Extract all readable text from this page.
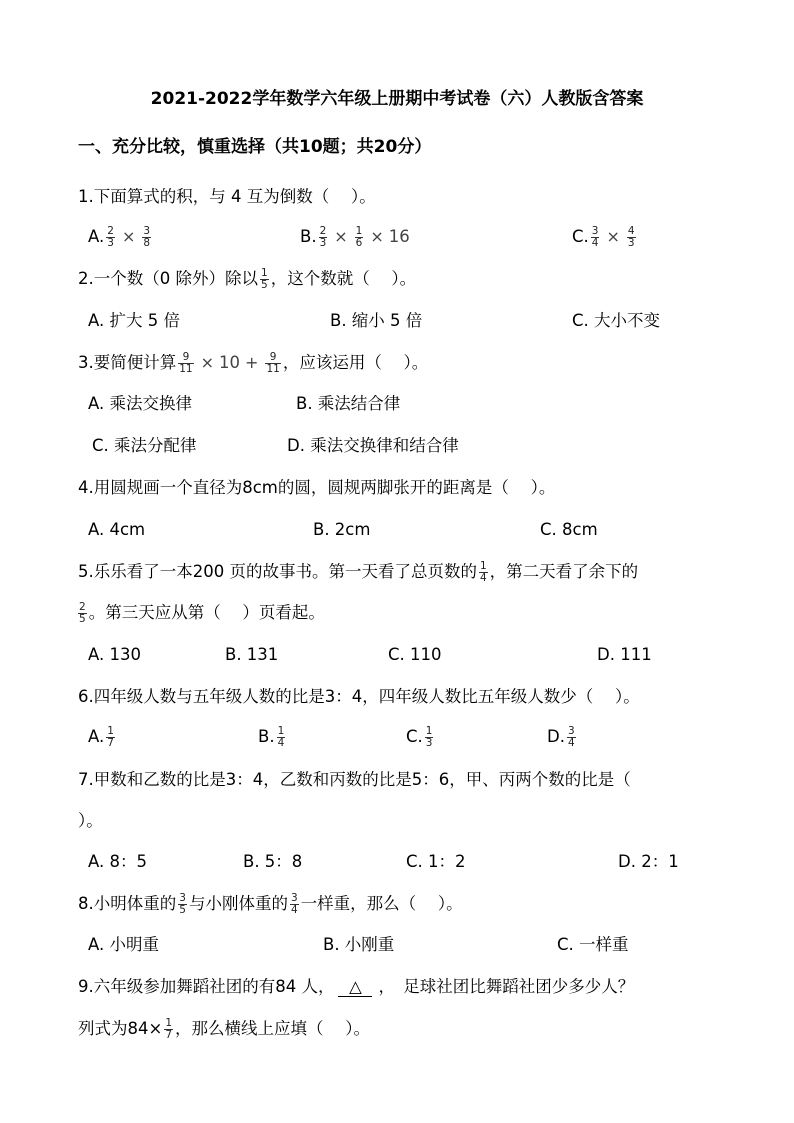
2021-2022学年数学六年级上册期中考试卷（六）人教版含答案
一、充分比较，慎重选择（共10题；共20分）
1.下面算式的积，与 4 互为倒数（　 ）。
A. $\frac{2}{3} \times \frac{3}{8}$	B. $\frac{2}{3} \times \frac{1}{6} \times 16$	C. $\frac{3}{4} \times \frac{4}{3}$
2.一个数（0 除外）除以 $\frac{1}{5}$ ，这个数就（　 ）。
A. 扩大 5 倍	B. 缩小 5 倍	C. 大小不变
3.要简便计算 $\frac{9}{11} \times 10 + \frac{9}{11}$ ，应该运用（　 ）。
A. 乘法交换律	B. 乘法结合律
C. 乘法分配律	D. 乘法交换律和结合律
4.用圆规画一个直径为8cm的圆，圆规两脚张开的距离是（　 ）。
A. 4cm	B. 2cm	C. 8cm
5.乐乐看了一本200 页的故事书。第一天看了总页数的 $\frac{1}{4}$ ，第二天看了余下的
$\frac{2}{5}$ 。第三天应从第（　 ）页看起。
A. 130	B. 131	C. 110	D. 111
6.四年级人数与五年级人数的比是3：4，四年级人数比五年级人数少（　 ）。
A. $\frac{1}{7}$	B. $\frac{1}{4}$	C. $\frac{1}{3}$	D. $\frac{3}{4}$
7.甲数和乙数的比是3：4，乙数和丙数的比是5：6，甲、丙两个数的比是（
）。
A. 8：5	B. 5：8	C. 1：2	D. 2：1
8.小明体重的 $\frac{3}{5}$ 与小刚体重的 $\frac{3}{4}$ 一样重，那么（　 ）。
A. 小明重	B. 小刚重	C. 一样重
9.六年级参加舞蹈社团的有84 人， △ ，　足球社团比舞蹈社团少多少人？
列式为$84\times \frac{1}{7}$ ，那么横线上应填（　 ）。
